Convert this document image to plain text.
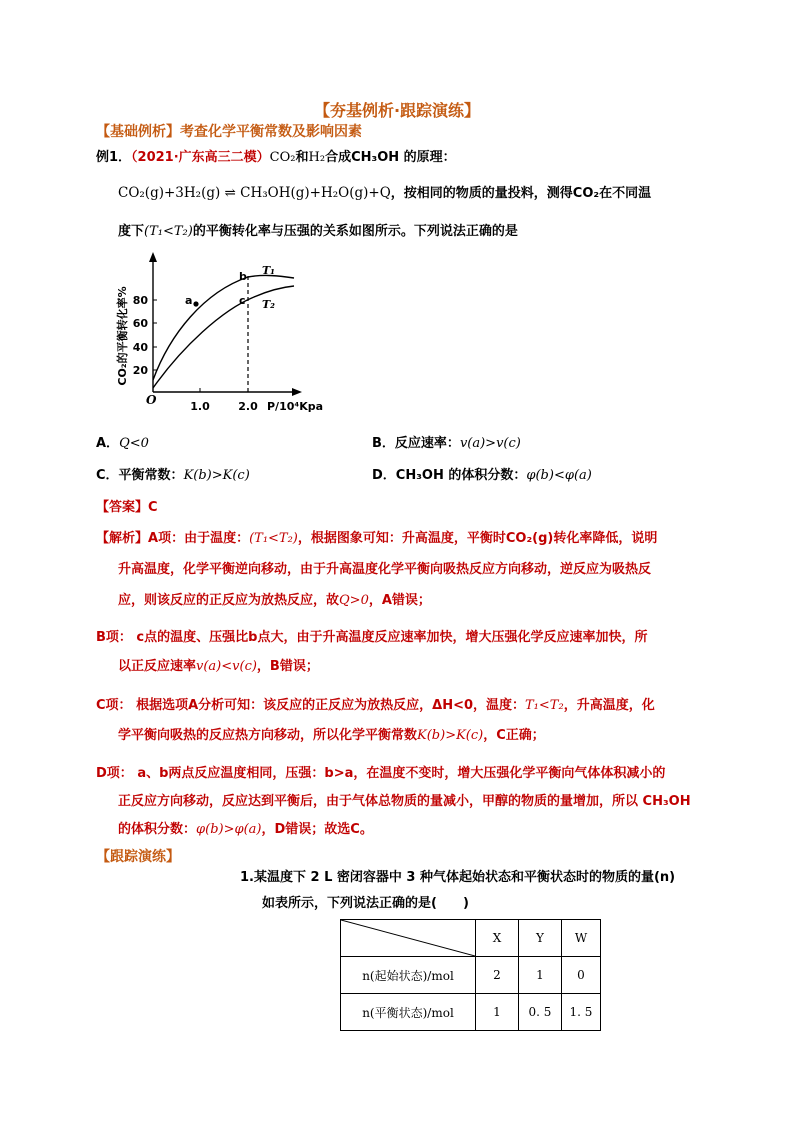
【夯基例析·跟踪演练】
【基础例析】考查化学平衡常数及影响因素
例1．（2021·广东高三二模）CO₂和H₂合成CH₃OH 的原理：
CO₂(g)+3H₂(g) ⇌ CH₃OH(g)+H₂O(g)+Q，按相同的物质的量投料，测得CO₂在不同温
度下(T₁<T₂)的平衡转化率与压强的关系如图所示。下列说法正确的是
80
60
40
20
1.0	2.0
O	P/10⁴Kpa
CO₂的平衡转化率%	a
b
c
T₁
T₂
A．Q<0	B．反应速率：v(a)>v(c)
C．平衡常数：K(b)>K(c)	D．CH₃OH 的体积分数：φ(b)<φ(a)
【答案】C
【解析】A项：由于温度：(T₁<T₂)，根据图象可知：升高温度，平衡时CO₂(g)转化率降低，说明
升高温度，化学平衡逆向移动，由于升高温度化学平衡向吸热反应方向移动，逆反应为吸热反
应，则该反应的正反应为放热反应，故Q>0，A错误；
B项： c点的温度、压强比b点大，由于升高温度反应速率加快，增大压强化学反应速率加快，所
以正反应速率v(a)<v(c)，B错误；
C项： 根据选项A分析可知：该反应的正反应为放热反应，ΔH<0，温度：T₁<T₂，升高温度，化
学平衡向吸热的反应热方向移动，所以化学平衡常数K(b)>K(c)，C正确；
D项： a、b两点反应温度相同，压强：b>a，在温度不变时，增大压强化学平衡向气体体积减小的
正反应方向移动，反应达到平衡后，由于气体总物质的量减小，甲醇的物质的量增加，所以 CH₃OH
的体积分数：φ(b)>φ(a)，D错误；故选C。
【跟踪演练】
1.某温度下 2 L 密闭容器中 3 种气体起始状态和平衡状态时的物质的量(n)
如表所示，下列说法正确的是(　　)
	X	Y	W
n(起始状态)/mol	2	1	0
n(平衡状态)/mol	1	0. 5	1. 5
